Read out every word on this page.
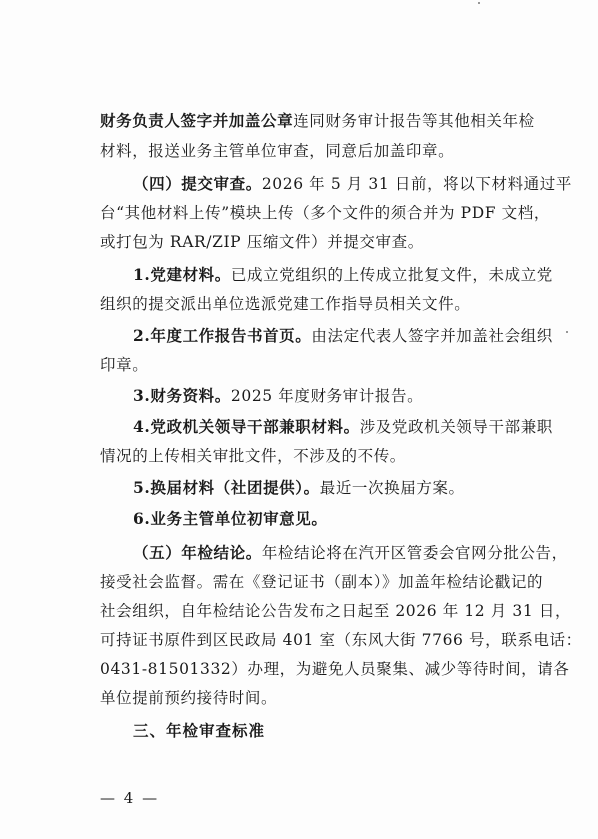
财务负责人签字并加盖公章连同财务审计报告等其他相关年检
材料，报送业务主管单位审查，同意后加盖印章。
（四）提交审查。2026 年 5 月 31 日前，将以下材料通过平
台“其他材料上传”模块上传（多个文件的须合并为 PDF 文档，
或打包为 RAR/ZIP 压缩文件）并提交审查。
1.党建材料。已成立党组织的上传成立批复文件，未成立党
组织的提交派出单位选派党建工作指导员相关文件。
2.年度工作报告书首页。由法定代表人签字并加盖社会组织
印章。
3.财务资料。2025 年度财务审计报告。
4.党政机关领导干部兼职材料。涉及党政机关领导干部兼职
情况的上传相关审批文件，不涉及的不传。
5.换届材料（社团提供）。最近一次换届方案。
6.业务主管单位初审意见。
（五）年检结论。年检结论将在汽开区管委会官网分批公告，
接受社会监督。需在《登记证书（副本）》加盖年检结论戳记的
社会组织，自年检结论公告发布之日起至 2026 年 12 月 31 日，
可持证书原件到区民政局 401 室（东风大街 7766 号，联系电话：
0431-81501332）办理，为避免人员聚集、减少等待时间，请各
单位提前预约接待时间。
三、年检审查标准
— 4 —
